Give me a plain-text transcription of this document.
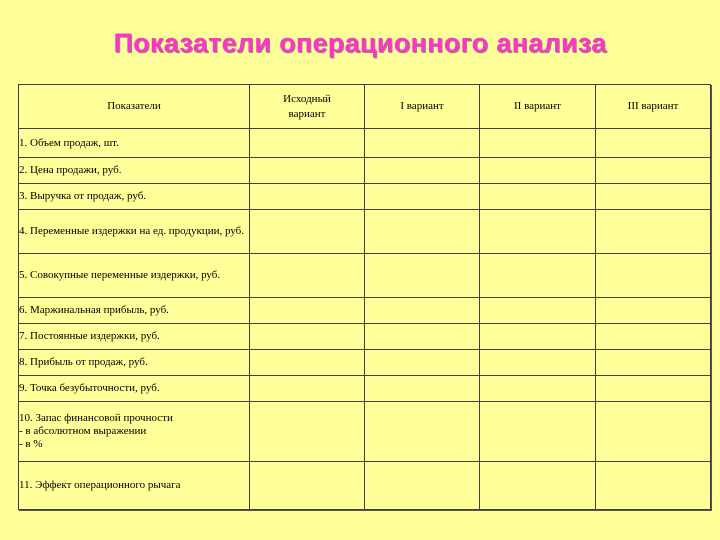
Показатели операционного анализа
Показатели	Исходный вариант	I вариант	II вариант	III вариант
1. Объем продаж, шт.				
2. Цена продажи, руб.				
3. Выручка от продаж, руб.				
4. Переменные издержки на ед. продукции, руб.				
5. Совокупные переменные издержки, руб.				
6. Маржинальная прибыль, руб.				
7. Постоянные издержки, руб.				
8. Прибыль от продаж, руб.				
9. Точка безубыточности, руб.				

10. Запас финансовой прочности
- в абсолютном выражении
- в %				

11. Эффект операционного рычага				
